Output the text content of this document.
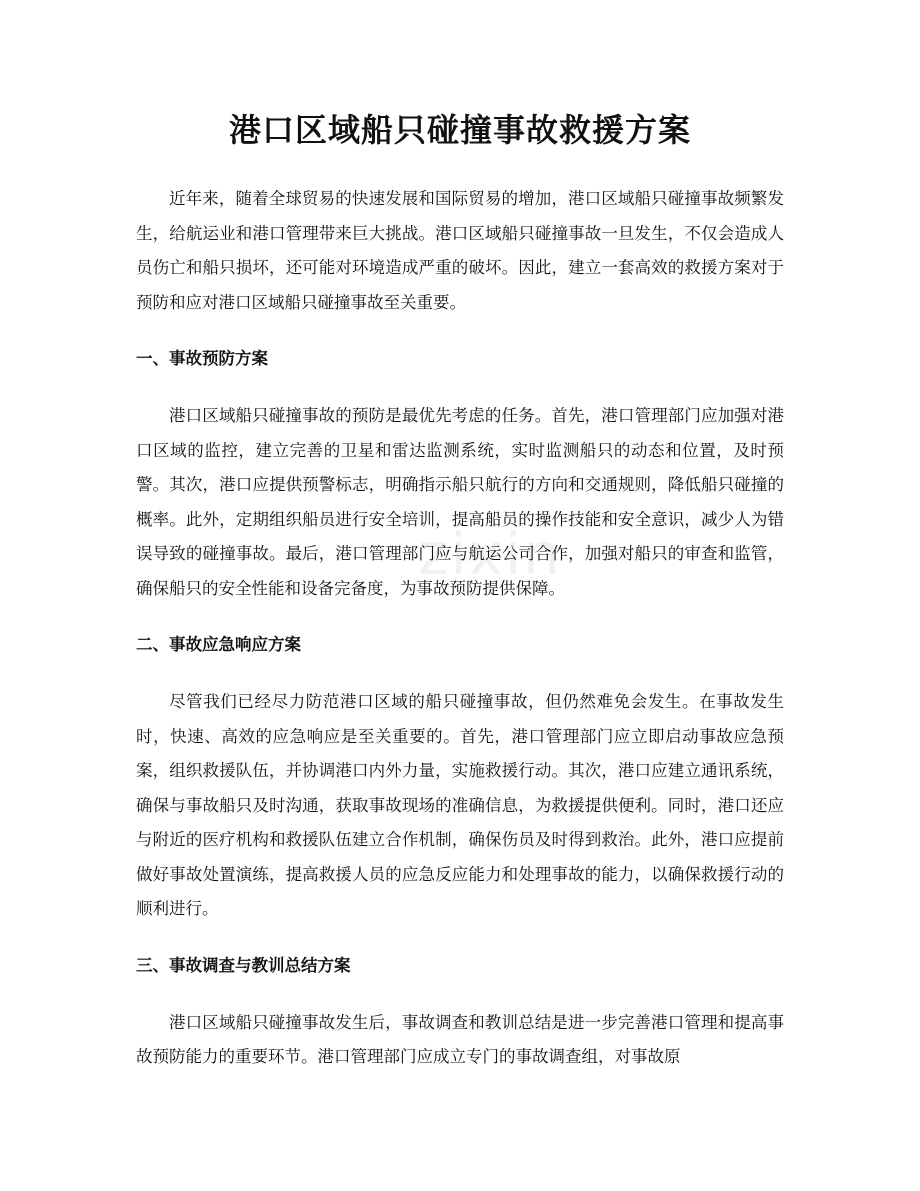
港口区域船只碰撞事故救援方案
zixin

近年来，随着全球贸易的快速发展和国际贸易的增加，港口区域船只碰撞事故频繁发生，给航运业和港口管理带来巨大挑战。港口区域船只碰撞事故一旦发生，不仅会造成人员伤亡和船只损坏，还可能对环境造成严重的破坏。因此，建立一套高效的救援方案对于预防和应对港口区域船只碰撞事故至关重要。

一、事故预防方案

港口区域船只碰撞事故的预防是最优先考虑的任务。首先，港口管理部门应加强对港口区域的监控，建立完善的卫星和雷达监测系统，实时监测船只的动态和位置，及时预警。其次，港口应提供预警标志，明确指示船只航行的方向和交通规则，降低船只碰撞的概率。此外，定期组织船员进行安全培训，提高船员的操作技能和安全意识，减少人为错误导致的碰撞事故。最后，港口管理部门应与航运公司合作，加强对船只的审查和监管，确保船只的安全性能和设备完备度，为事故预防提供保障。

二、事故应急响应方案

尽管我们已经尽力防范港口区域的船只碰撞事故，但仍然难免会发生。在事故发生时，快速、高效的应急响应是至关重要的。首先，港口管理部门应立即启动事故应急预案，组织救援队伍，并协调港口内外力量，实施救援行动。其次，港口应建立通讯系统，确保与事故船只及时沟通，获取事故现场的准确信息，为救援提供便利。同时，港口还应与附近的医疗机构和救援队伍建立合作机制，确保伤员及时得到救治。此外，港口应提前做好事故处置演练，提高救援人员的应急反应能力和处理事故的能力，以确保救援行动的顺利进行。

三、事故调查与教训总结方案

港口区域船只碰撞事故发生后，事故调查和教训总结是进一步完善港口管理和提高事故预防能力的重要环节。港口管理部门应成立专门的事故调查组，对事故原
